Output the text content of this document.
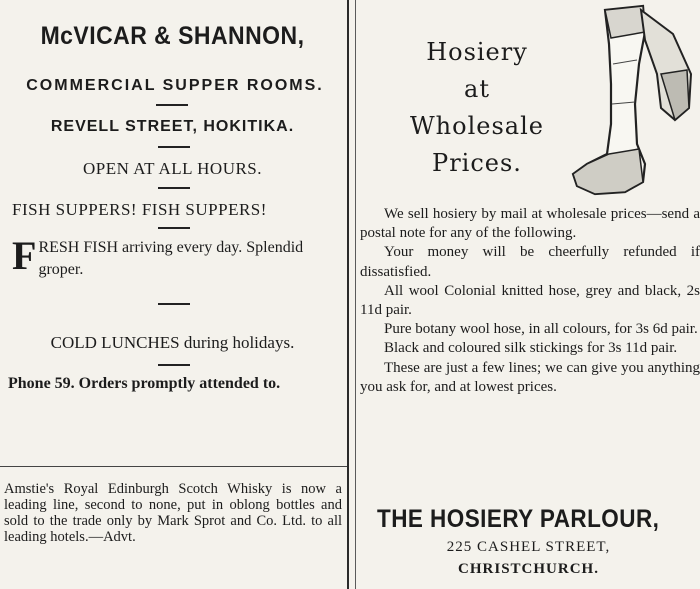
McVICAR & SHANNON,
COMMERCIAL SUPPER ROOMS.
REVELL STREET, HOKITIKA.
OPEN AT ALL HOURS.
FISH SUPPERS! FISH SUPPERS!
F RESH FISH arriving every day. Splendid groper.
COLD LUNCHES during holidays.
Phone 59. Orders promptly attended to.
Amstie's Royal Edinburgh Scotch Whisky is now a leading line, second to none, put in oblong bottles and sold to the trade only by Mark Sprot and Co. Ltd. to all leading hotels.—Advt.
Hosiery
at
Wholesale
Prices.

We sell hosiery by mail at wholesale prices—send a postal note for any of the following.

Your money will be cheerfully refunded if dissatisfied.

All wool Colonial knitted hose, grey and black, 2s 11d pair.

Pure botany wool hose, in all colours, for 3s 6d pair.

Black and coloured silk stickings for 3s 11d pair.

These are just a few lines; we can give you anything you ask for, and at lowest prices.

THE HOSIERY PARLOUR,
225 CASHEL STREET,
CHRISTCHURCH.
